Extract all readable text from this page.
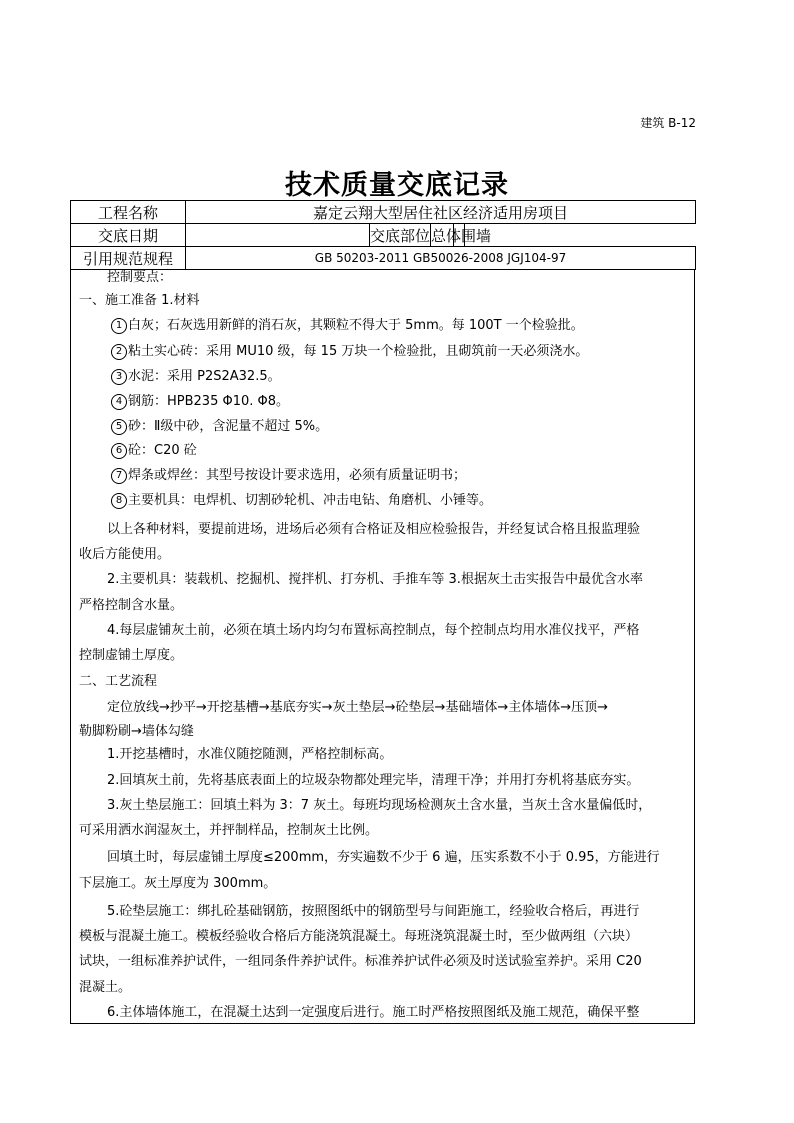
建筑 B-12
技术质量交底记录
工程名称	嘉定云翔大型居住社区经济适用房项目	
交底日期		交底部位 总体围墙

引用规范规程	GB 50203-2011 GB50026-2008 JGJ104-97	
控制要点：
一、施工准备 1.材料
1 白灰；石灰选用新鲜的消石灰，其颗粒不得大于 5mm。每 100T 一个检验批。
2 粘土实心砖：采用 MU10 级，每 15 万块一个检验批，且砌筑前一天必须浇水。
3 水泥：采用 P2S2A32.5。
4 钢筋：HPB235 Φ10. Φ8。
5 砂：Ⅱ级中砂，含泥量不超过 5%。
6 砼：C20 砼
7 焊条或焊丝：其型号按设计要求选用，必须有质量证明书；
8 主要机具：电焊机、切割砂轮机、冲击电钻、角磨机、小锤等。
以上各种材料，要提前进场，进场后必须有合格证及相应检验报告，并经复试合格且报监理验
收后方能使用。
2.主要机具：装载机、挖掘机、搅拌机、打夯机、手推车等 3.根据灰土击实报告中最优含水率
严格控制含水量。
4.每层虚铺灰土前，必须在填土场内均匀布置标高控制点，每个控制点均用水准仪找平，严格
控制虚铺土厚度。
二、工艺流程
定位放线→抄平→开挖基槽→基底夯实→灰土垫层→砼垫层→基础墙体→主体墙体→压顶→
勒脚粉刷→墙体勾缝
1.开挖基槽时，水准仪随挖随测，严格控制标高。
2.回填灰土前，先将基底表面上的垃圾杂物都处理完毕，清理干净；并用打夯机将基底夯实。
3.灰土垫层施工：回填土料为 3：7 灰土。每班均现场检测灰土含水量，当灰土含水量偏低时，
可采用洒水润湿灰土，并抨制样品，控制灰土比例。
回填土时，每层虚铺土厚度≤200mm，夯实遍数不少于 6 遍，压实系数不小于 0.95，方能进行
下层施工。灰土厚度为 300mm。
5.砼垫层施工：绑扎砼基础钢筋，按照图纸中的钢筋型号与间距施工，经验收合格后，再进行
模板与混凝土施工。模板经验收合格后方能浇筑混凝土。每班浇筑混凝土时，至少做两组（六块）
试块，一组标准养护试件，一组同条件养护试件。标准养护试件必须及时送试验室养护。采用 C20
混凝土。
6.主体墙体施工，在混凝土达到一定强度后进行。施工时严格按照图纸及施工规范，确保平整
